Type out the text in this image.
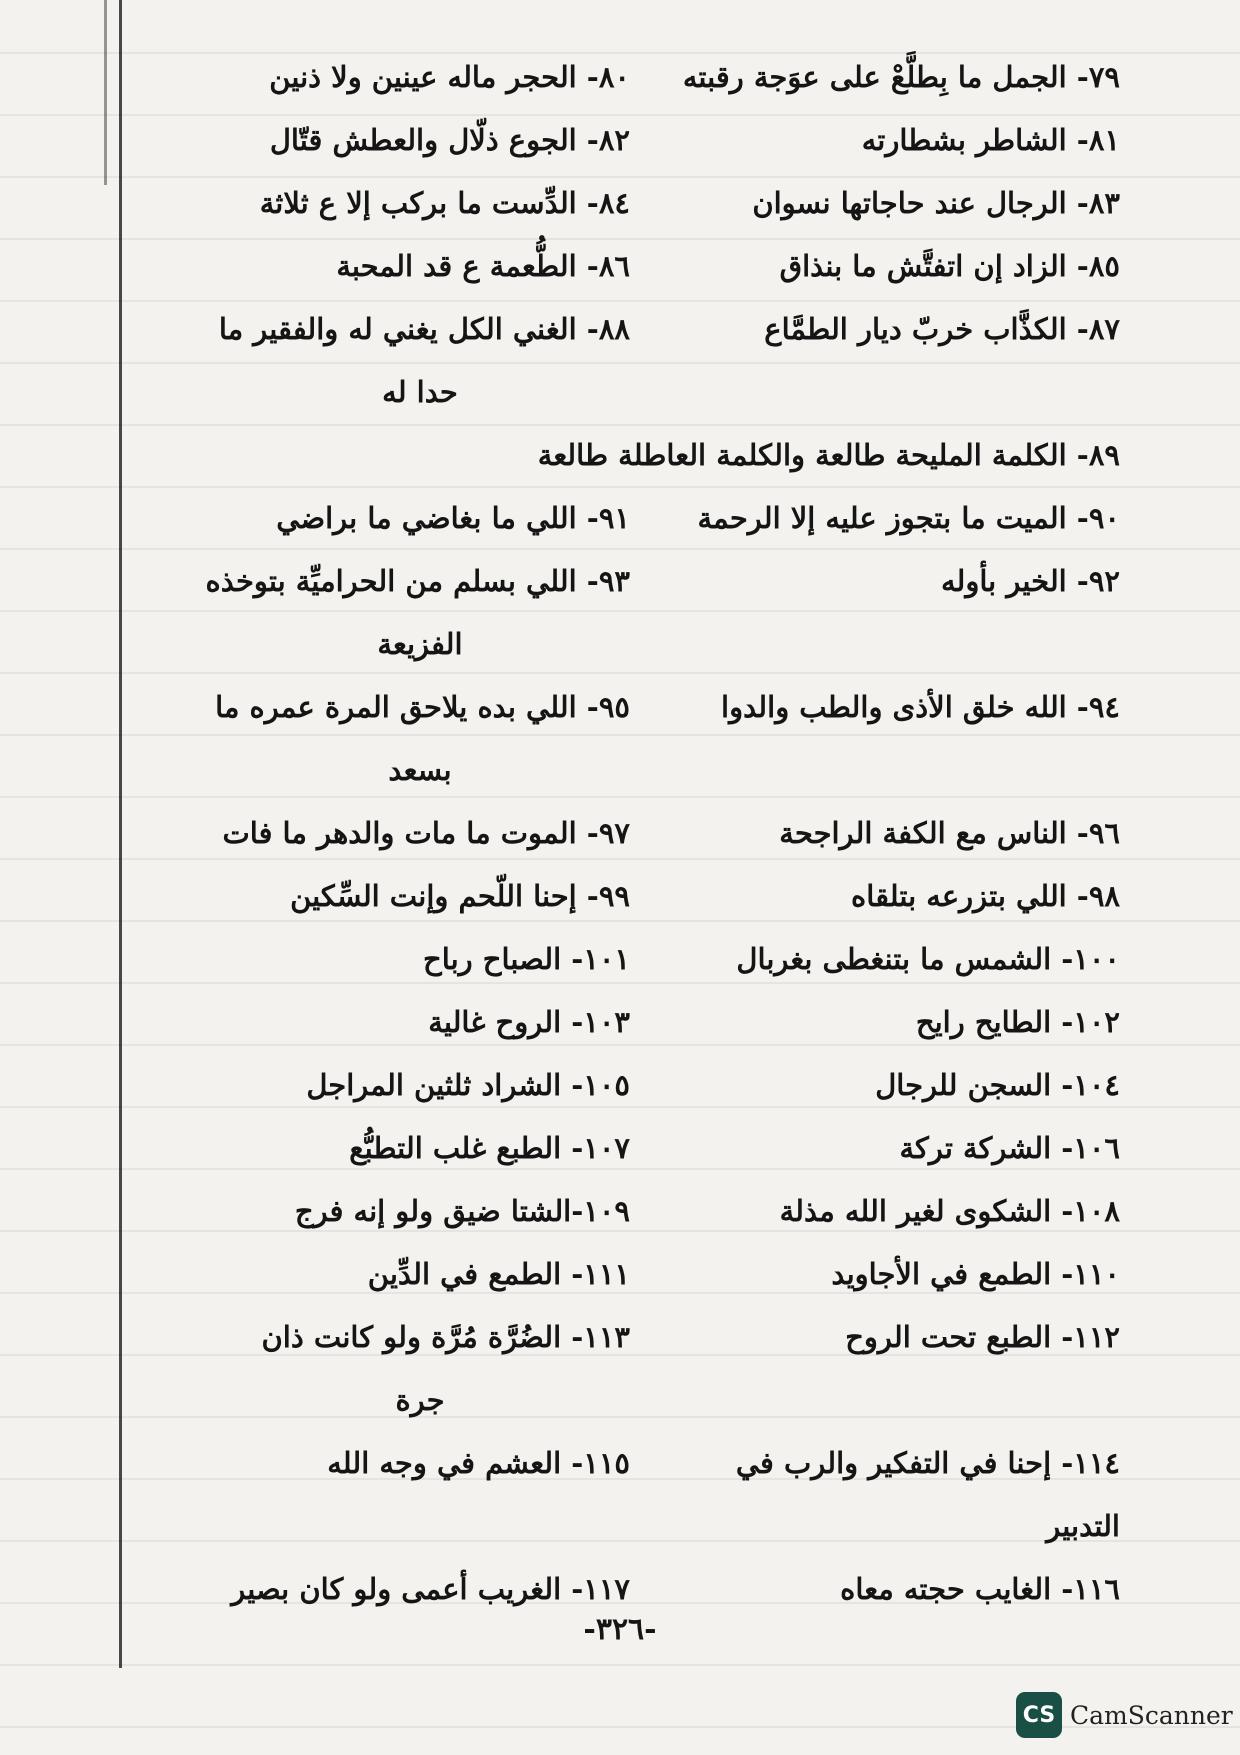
٧٩- الجمل ما بِطلَّعْ على عوَجة رقبته
٨٠- الحجر ماله عينين ولا ذنين
٨١- الشاطر بشطارته
٨٢- الجوع ذلّال والعطش قتّال
٨٣- الرجال عند حاجاتها نسوان
٨٤- الدِّست ما بركب إلا ع ثلاثة
٨٥- الزاد إن اتفتَّش ما بنذاق
٨٦- الطُّعمة ع قد المحبة
٨٧- الكذَّاب خربّ ديار الطمَّاع
٨٨- الغني الكل يغني له والفقير ما
حدا له
٨٩- الكلمة المليحة طالعة والكلمة العاطلة طالعة
٩٠- الميت ما بتجوز عليه إلا الرحمة
٩١- اللي ما بغاضي ما براضي
٩٢- الخير بأوله
٩٣- اللي بسلم من الحراميِّة بتوخذه
الفزيعة
٩٤- الله خلق الأذى والطب والدوا
٩٥- اللي بده يلاحق المرة عمره ما
بسعد
٩٦- الناس مع الكفة الراجحة
٩٧- الموت ما مات والدهر ما فات
٩٨- اللي بتزرعه بتلقاه
٩٩- إحنا اللّحم وإنت السِّكين
١٠٠- الشمس ما بتنغطى بغربال
١٠١- الصباح رباح
١٠٢- الطايح رايح
١٠٣- الروح غالية
١٠٤- السجن للرجال
١٠٥- الشراد ثلثين المراجل
١٠٦- الشركة تركة
١٠٧- الطبع غلب التطبُّع
١٠٨- الشكوى لغير الله مذلة
١٠٩-الشتا ضيق ولو إنه فرج
١١٠- الطمع في الأجاويد
١١١- الطمع في الدِّين
١١٢- الطبع تحت الروح
١١٣- الضُرَّة مُرَّة ولو كانت ذان
جرة
١١٤- إحنا في التفكير والرب في التدبير
١١٥- العشم في وجه الله
١١٦- الغايب حجته معاه
١١٧- الغريب أعمى ولو كان بصير
-٣٢٦-
CS CamScanner
